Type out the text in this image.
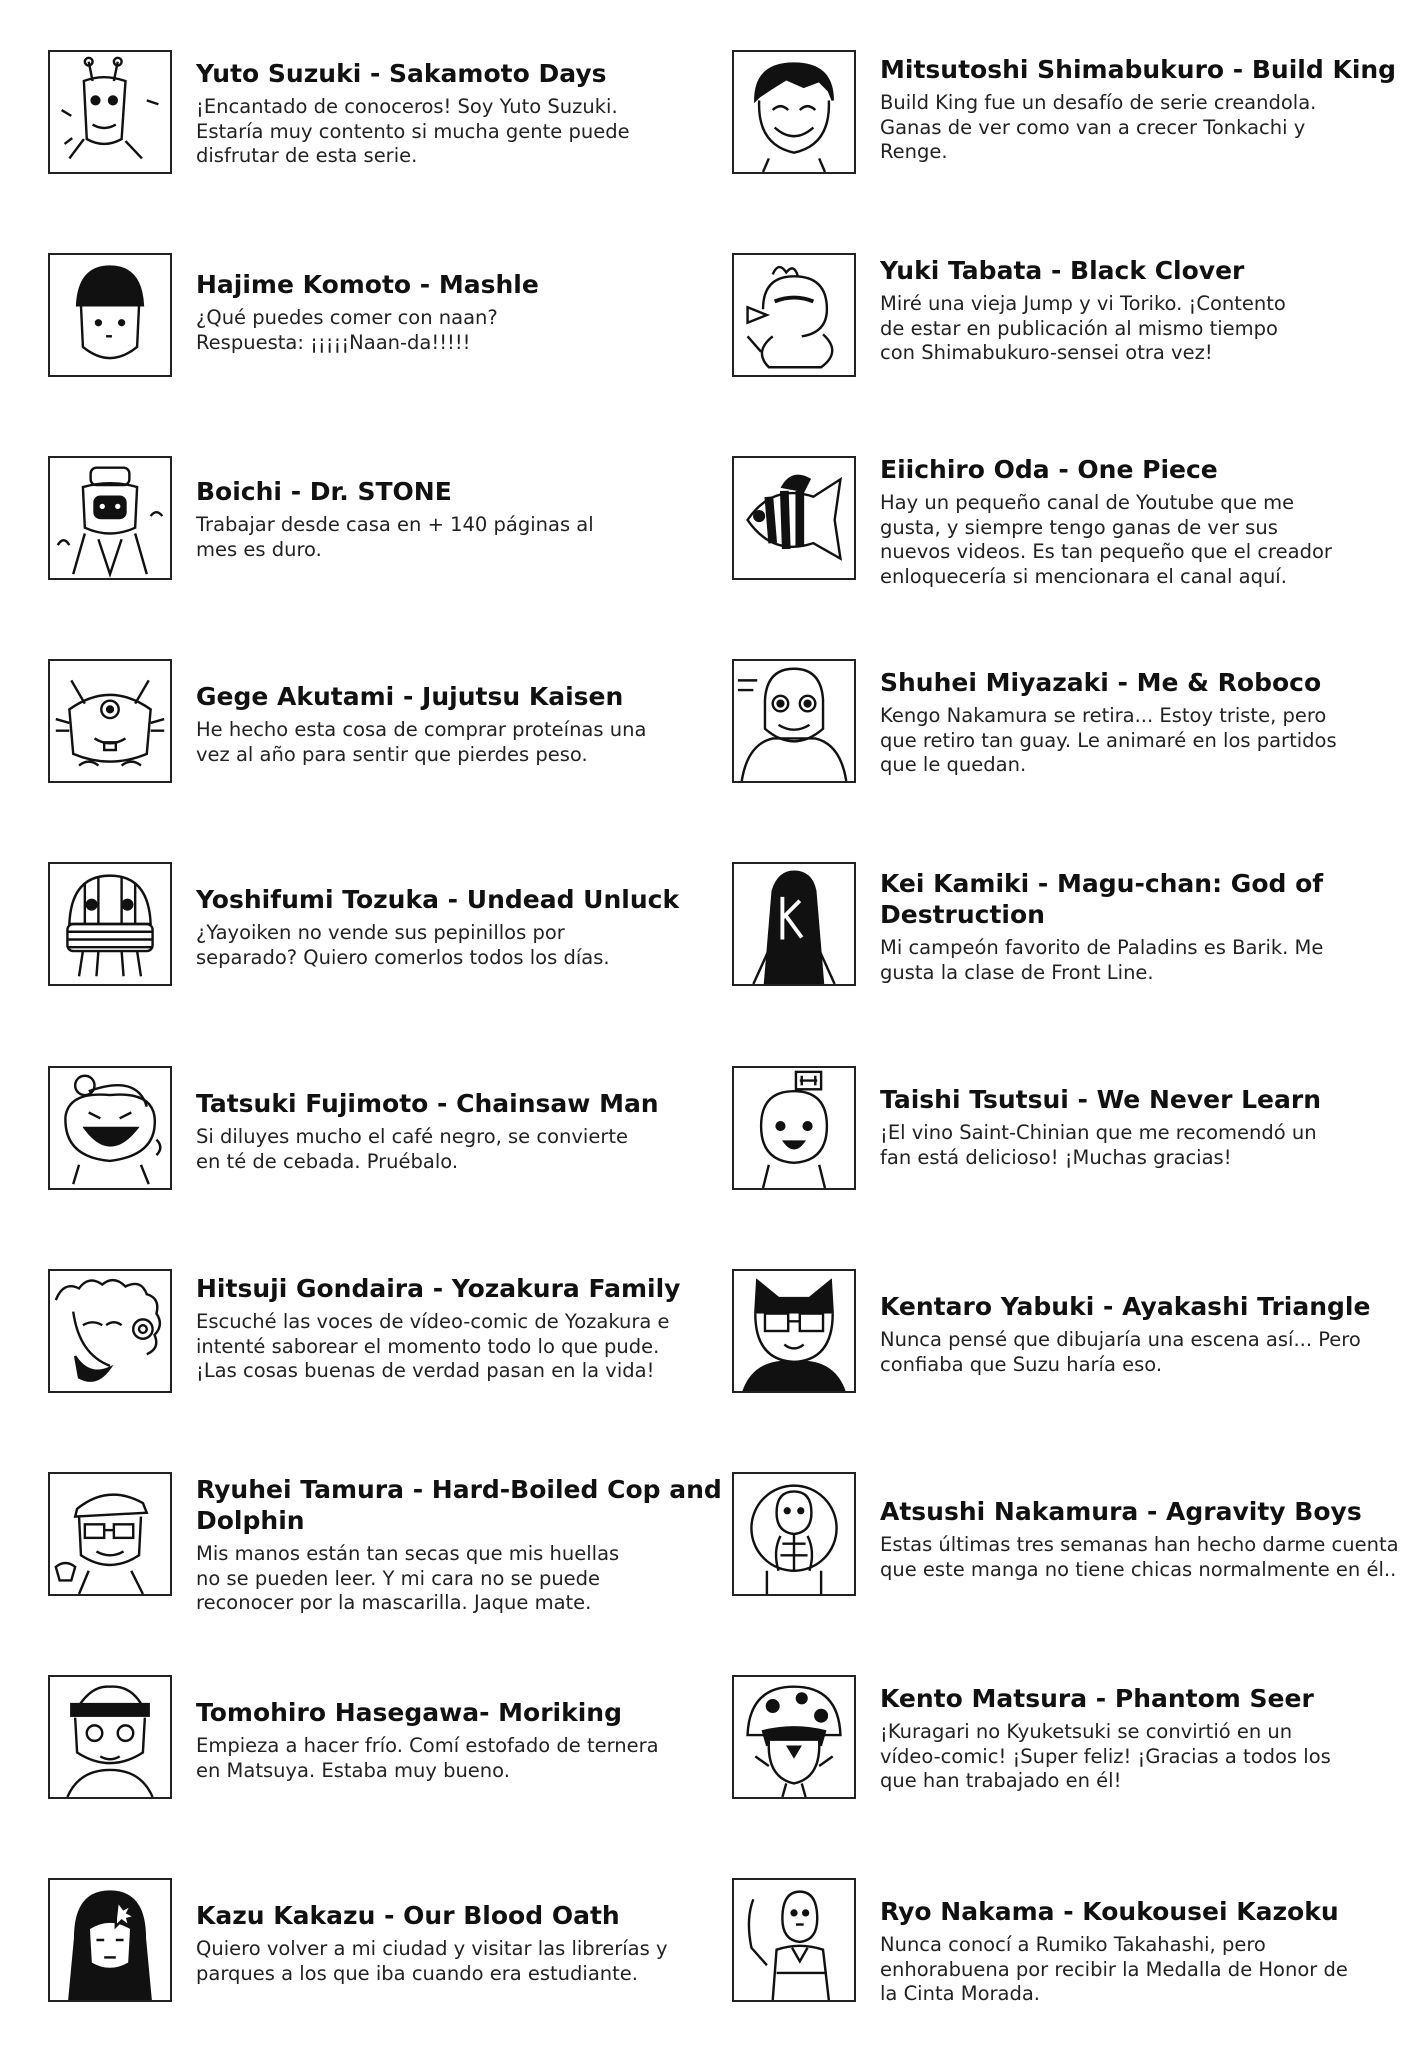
Yuto Suzuki - Sakamoto Days
¡Encantado de conoceros! Soy Yuto Suzuki.
Estaría muy contento si mucha gente puede
disfrutar de esta serie.
Hajime Komoto - Mashle
¿Qué puedes comer con naan?
Respuesta: ¡¡¡¡¡Naan-da!!!!!
Boichi - Dr. STONE
Trabajar desde casa en + 140 páginas al
mes es duro.
Gege Akutami - Jujutsu Kaisen
He hecho esta cosa de comprar proteínas una
vez al año para sentir que pierdes peso.
Yoshifumi Tozuka - Undead Unluck
¿Yayoiken no vende sus pepinillos por
separado? Quiero comerlos todos los días.
Tatsuki Fujimoto - Chainsaw Man
Si diluyes mucho el café negro, se convierte
en té de cebada. Pruébalo.
Hitsuji Gondaira - Yozakura Family
Escuché las voces de vídeo-comic de Yozakura e
intenté saborear el momento todo lo que pude.
¡Las cosas buenas de verdad pasan en la vida!
Ryuhei Tamura - Hard-Boiled Cop and Dolphin
Mis manos están tan secas que mis huellas
no se pueden leer. Y mi cara no se puede
reconocer por la mascarilla. Jaque mate.
Tomohiro Hasegawa- Moriking
Empieza a hacer frío. Comí estofado de ternera
en Matsuya. Estaba muy bueno.
Kazu Kakazu - Our Blood Oath
Quiero volver a mi ciudad y visitar las librerías y
parques a los que iba cuando era estudiante.
Mitsutoshi Shimabukuro - Build King
Build King fue un desafío de serie creandola.
Ganas de ver como van a crecer Tonkachi y
Renge.
Yuki Tabata - Black Clover
Miré una vieja Jump y vi Toriko. ¡Contento
de estar en publicación al mismo tiempo
con Shimabukuro-sensei otra vez!
Eiichiro Oda - One Piece
Hay un pequeño canal de Youtube que me
gusta, y siempre tengo ganas de ver sus
nuevos videos. Es tan pequeño que el creador
enloquecería si mencionara el canal aquí.
Shuhei Miyazaki - Me & Roboco
Kengo Nakamura se retira... Estoy triste, pero
que retiro tan guay. Le animaré en los partidos
que le quedan.
Kei Kamiki - Magu-chan: God of Destruction
Mi campeón favorito de Paladins es Barik. Me
gusta la clase de Front Line.
Taishi Tsutsui - We Never Learn
¡El vino Saint-Chinian que me recomendó un
fan está delicioso! ¡Muchas gracias!
Kentaro Yabuki - Ayakashi Triangle
Nunca pensé que dibujaría una escena así... Pero
confiaba que Suzu haría eso.
Atsushi Nakamura - Agravity Boys
Estas últimas tres semanas han hecho darme cuenta
que este manga no tiene chicas normalmente en él..
Kento Matsura - Phantom Seer
¡Kuragari no Kyuketsuki se convirtió en un
vídeo-comic! ¡Super feliz! ¡Gracias a todos los
que han trabajado en él!
Ryo Nakama - Koukousei Kazoku
Nunca conocí a Rumiko Takahashi, pero
enhorabuena por recibir la Medalla de Honor de
la Cinta Morada.
